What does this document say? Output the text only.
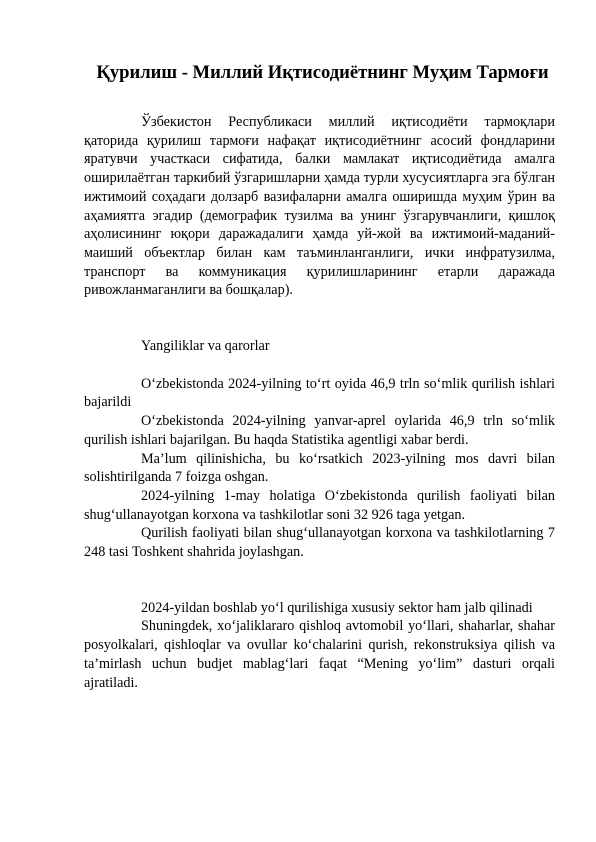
Қурилиш - Миллий Иқтисодиётнинг Муҳим Тармоғи

Ўзбекистон Республикаси миллий иқтисодиёти тармоқлари қаторида қурилиш тармоғи нафақат иқтисодиётнинг асосий фондларини яратувчи участкаси сифатида, балки мамлакат иқтисодиётида амалга оширилаётган таркибий ўзгаришларни ҳамда турли хусусиятларга эга бўлган ижтимоий соҳадаги долзарб вазифаларни амалга оширишда муҳим ўрин ва аҳамиятга эгадир (демографик тузилма ва унинг ўзгарувчанлиги, қишлоқ аҳолисининг юқори даражадалиги ҳамда уй-жой ва ижтимоий-маданий-маиший объектлар билан кам таъминланганлиги, ички инфратузилма, транспорт ва коммуникация қурилишларининг етарли даражада ривожланмаганлиги ва бошқалар).

Yangiliklar va qarorlar

O‘zbekistonda 2024-yilning to‘rt oyida 46,9 trln so‘mlik qurilish ishlari bajarildi

O‘zbekistonda 2024-yilning yanvar-aprel oylarida 46,9 trln so‘mlik qurilish ishlari bajarilgan. Bu haqda Statistika agentligi xabar berdi.

Ma’lum qilinishicha, bu ko‘rsatkich 2023-yilning mos davri bilan solishtirilganda 7 foizga oshgan.

2024-yilning 1-may holatiga O‘zbekistonda qurilish faoliyati bilan shug‘ullanayotgan korxona va tashkilotlar soni 32 926 taga yetgan.

Qurilish faoliyati bilan shug‘ullanayotgan korxona va tashkilotlarning 7 248 tasi Toshkent shahrida joylashgan.

2024-yildan boshlab yo‘l qurilishiga xususiy sektor ham jalb qilinadi

Shuningdek, xo‘jaliklararo qishloq avtomobil yo‘llari, shaharlar, shahar posyolkalari, qishloqlar va ovullar ko‘chalarini qurish, rekonstruksiya qilish va ta’mirlash uchun budjet mablag‘lari faqat “Mening yo‘lim” dasturi orqali ajratiladi.
